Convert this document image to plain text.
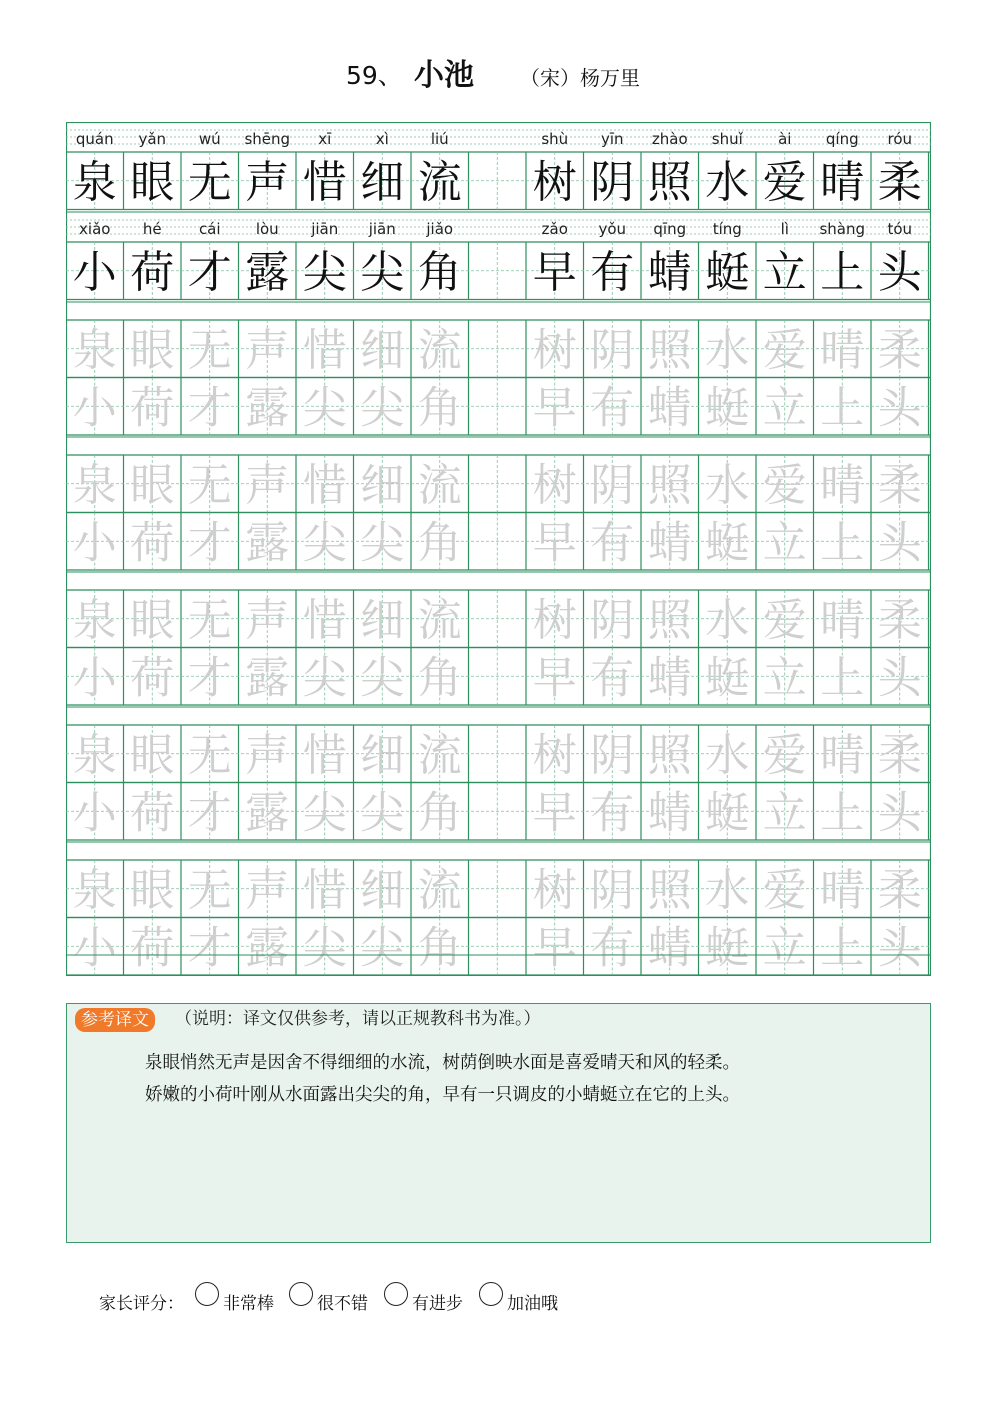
59、 小池 （宋）杨万里
quán yǎn wú shēng xī	xì	liú	shù yīn zhào shuǐ ài qíng róu
泉 眼 无 声 惜 细 流 树 阴 照 水 爱 晴 柔
xiǎo hé cái lòu jiān jiān jiǎo	zǎo yǒu qīng tíng	lì shàng tóu
小 荷 才 露 尖 尖 角 早 有 蜻 蜓 立 上 头
泉 眼 无 声 惜 细 流 树 阴 照 水 爱 晴 柔
小 荷 才 露 尖 尖 角 早 有 蜻 蜓 立 上 头
泉 眼 无 声 惜 细 流 树 阴 照 水 爱 晴 柔
小 荷 才 露 尖 尖 角 早 有 蜻 蜓 立 上 头
泉 眼 无 声 惜 细 流 树 阴 照 水 爱 晴 柔
小 荷 才 露 尖 尖 角 早 有 蜻 蜓 立 上 头
泉 眼 无 声 惜 细 流 树 阴 照 水 爱 晴 柔
小 荷 才 露 尖 尖 角 早 有 蜻 蜓 立 上 头
泉 眼 无 声 惜 细 流 树 阴 照 水 爱 晴 柔
小 荷 才 露 尖 尖 角 早 有 蜻 蜓 立 上 头
参考译文	（说明：译文仅供参考，请以正规教科书为准。）
泉眼悄然无声是因舍不得细细的水流，树荫倒映水面是喜爱晴天和风的轻柔。
娇嫩的小荷叶刚从水面露出尖尖的角，早有一只调皮的小蜻蜓立在它的上头。
家长评分： 非常棒	很不错	有进步	加油哦
